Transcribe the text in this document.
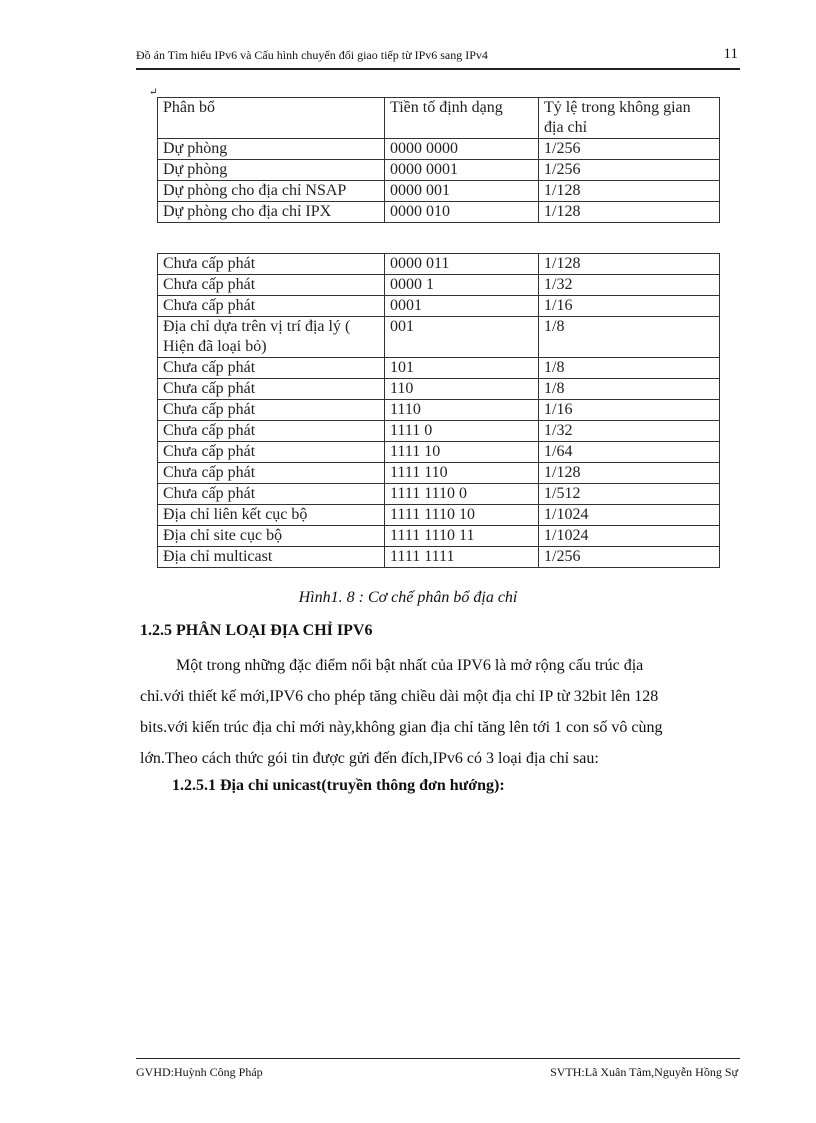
Đồ án Tìm hiểu IPv6 và Cấu hình chuyển đổi giao tiếp từ IPv6 sang IPv4	11
↵
Phân bổ	Tiền tố định dạng	Tỷ lệ trong không gian địa chỉ
Dự phòng	0000 0000	1/256
Dự phòng	0000 0001	1/256
Dự phòng cho địa chỉ NSAP	0000 001	1/128
Dự phòng cho địa chỉ IPX	0000 010	1/128
Chưa cấp phát	0000 011	1/128
Chưa cấp phát	0000 1	1/32
Chưa cấp phát	0001	1/16
Địa chỉ dựa trên vị trí địa lý ( Hiện đã loại bỏ)	001	1/8
Chưa cấp phát	101	1/8
Chưa cấp phát	110	1/8
Chưa cấp phát	1110	1/16
Chưa cấp phát	1111 0	1/32
Chưa cấp phát	1111 10	1/64
Chưa cấp phát	1111 110	1/128
Chưa cấp phát	1111 1110 0	1/512
Địa chỉ liên kết cục bộ	1111 1110 10	1/1024
Địa chỉ site cục bộ	1111 1110 11	1/1024
Địa chỉ multicast	1111 1111	1/256
Hình1. 8 : Cơ chế phân bổ địa chỉ
1.2.5 PHÂN LOẠI ĐỊA CHỈ IPV6
Một trong những đặc điểm nổi bật nhất của IPV6 là mở rộng cấu trúc địa
chỉ.với thiết kế mới,IPV6 cho phép tăng chiều dài một địa chỉ IP từ 32bit lên 128
bits.với kiến trúc địa chỉ mới này,không gian địa chỉ tăng lên tới 1 con số vô cùng
lớn.Theo cách thức gói tin được gửi đến đích,IPv6 có 3 loại địa chỉ sau:
1.2.5.1 Địa chỉ unicast(truyền thông đơn hướng):
GVHD:Huỳnh Công Pháp	SVTH:Lã Xuân Tâm,Nguyễn Hồng Sự
